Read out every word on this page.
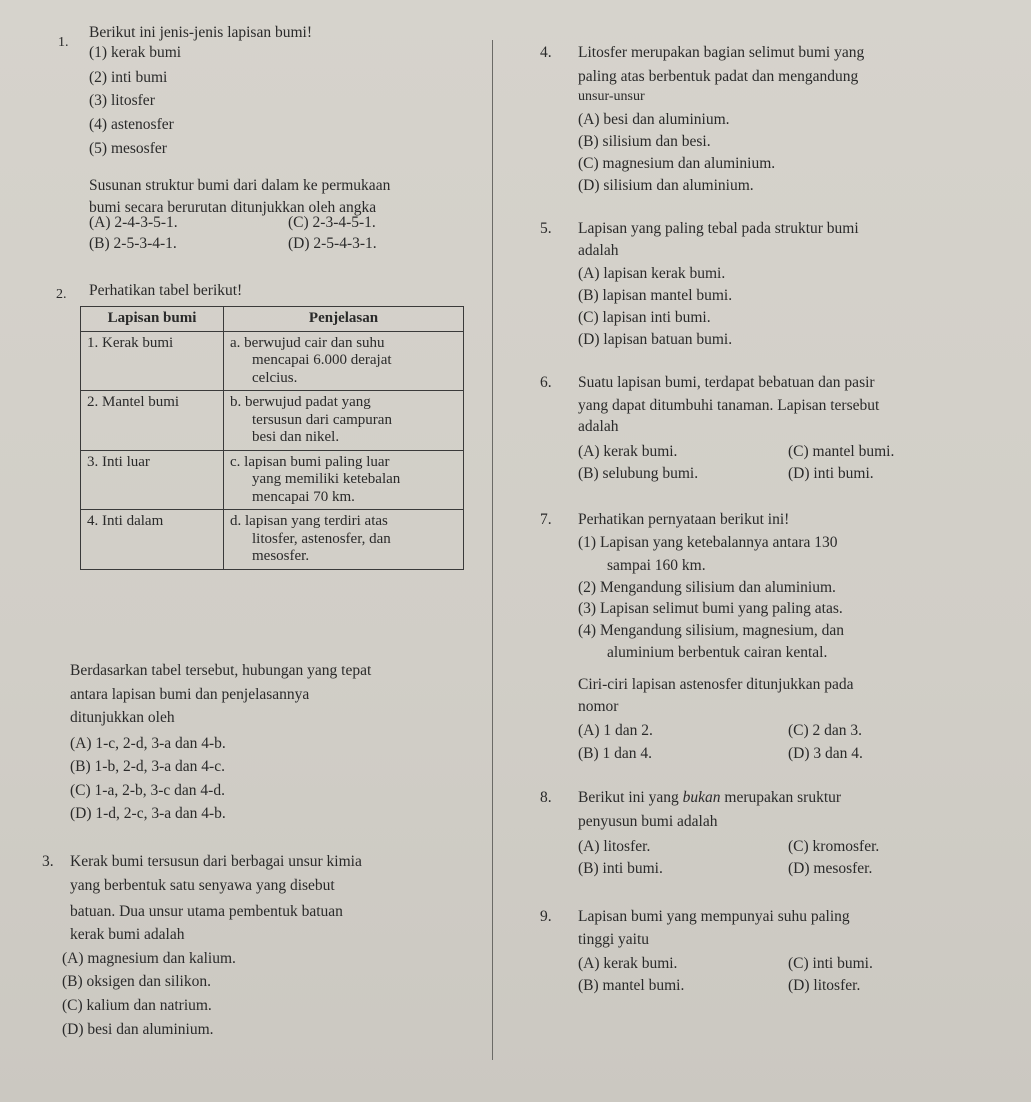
1.
Berikut ini jenis-jenis lapisan bumi!
(1) kerak bumi
(2) inti bumi
(3) litosfer
(4) astenosfer
(5) mesosfer
Susunan struktur bumi dari dalam ke permukaan
bumi secara berurutan ditunjukkan oleh angka
(A) 2-4-3-5-1.	(C) 2-3-4-5-1.
(B) 2-5-3-4-1.	(D) 2-5-4-3-1.
2. Perhatikan tabel berikut!
Lapisan bumi	Penjelasan
1. Kerak bumi	a. berwujud cair dan suhu
mencapai 6.000 derajat
celcius.

2. Mantel bumi	b. berwujud padat yang
tersusun dari campuran
besi dan nikel.

3. Inti luar	c. lapisan bumi paling luar
yang memiliki ketebalan
mencapai 70 km.

4. Inti dalam	d. lapisan yang terdiri atas
litosfer, astenosfer, dan
mesosfer.
Berdasarkan tabel tersebut, hubungan yang tepat
antara lapisan bumi dan penjelasannya
ditunjukkan oleh
(A) 1-c, 2-d, 3-a dan 4-b.
(B) 1-b, 2-d, 3-a dan 4-c.
(C) 1-a, 2-b, 3-c dan 4-d.
(D) 1-d, 2-c, 3-a dan 4-b.
3. Kerak bumi tersusun dari berbagai unsur kimia
yang berbentuk satu senyawa yang disebut
batuan. Dua unsur utama pembentuk batuan
kerak bumi adalah
(A) magnesium dan kalium.
(B) oksigen dan silikon.
(C) kalium dan natrium.
(D) besi dan aluminium.
4. Litosfer merupakan bagian selimut bumi yang
paling atas berbentuk padat dan mengandung
unsur-unsur
(A) besi dan aluminium.
(B) silisium dan besi.
(C) magnesium dan aluminium.
(D) silisium dan aluminium.
5. Lapisan yang paling tebal pada struktur bumi
adalah
(A) lapisan kerak bumi.
(B) lapisan mantel bumi.
(C) lapisan inti bumi.
(D) lapisan batuan bumi.
6. Suatu lapisan bumi, terdapat bebatuan dan pasir
yang dapat ditumbuhi tanaman. Lapisan tersebut
adalah
(A) kerak bumi.	(C) mantel bumi.
(B) selubung bumi.	(D) inti bumi.
7. Perhatikan pernyataan berikut ini!
(1) Lapisan yang ketebalannya antara 130
sampai 160 km.
(2) Mengandung silisium dan aluminium.
(3) Lapisan selimut bumi yang paling atas.
(4) Mengandung silisium, magnesium, dan
aluminium berbentuk cairan kental.
Ciri-ciri lapisan astenosfer ditunjukkan pada
nomor
(A) 1 dan 2.	(C) 2 dan 3.
(B) 1 dan 4.	(D) 3 dan 4.
8. Berikut ini yang bukan merupakan sruktur
penyusun bumi adalah
(A) litosfer.	(C) kromosfer.
(B) inti bumi.	(D) mesosfer.
9. Lapisan bumi yang mempunyai suhu paling
tinggi yaitu
(A) kerak bumi.	(C) inti bumi.
(B) mantel bumi.	(D) litosfer.
